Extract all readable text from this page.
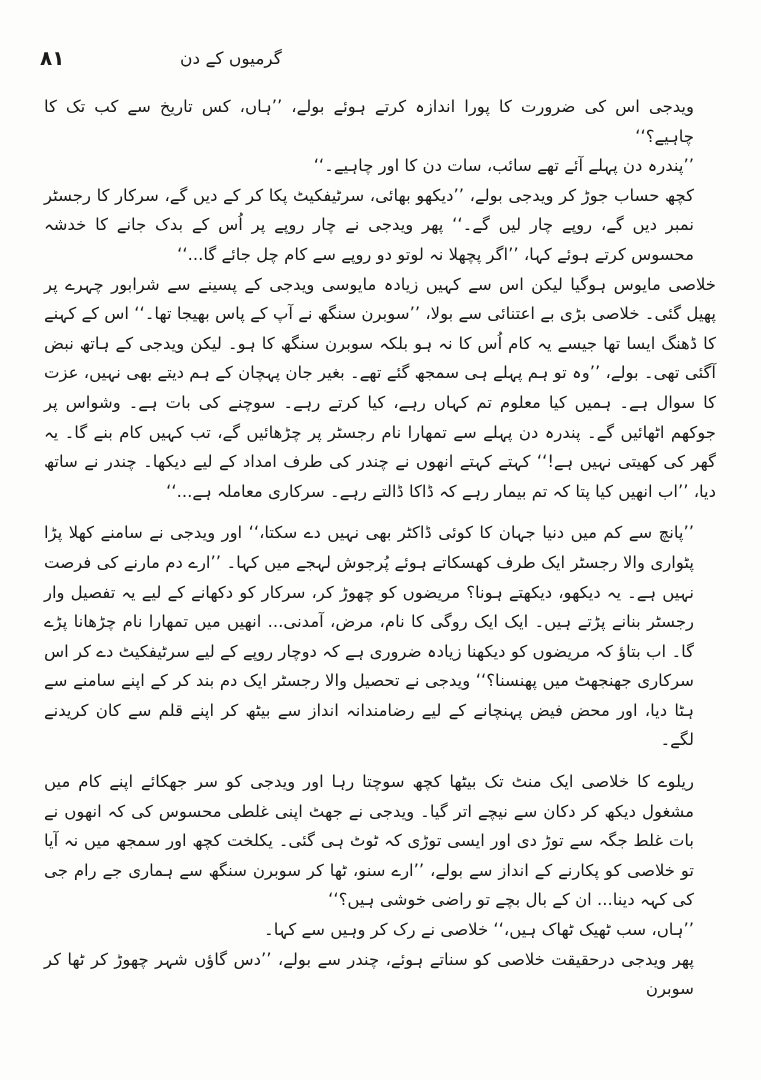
٨١	گرمیوں کے دن

ویدجی اس کی ضرورت کا پورا اندازہ کرتے ہوئے بولے، ’’ہاں، کس تاریخ سے کب تک کا چاہیے؟‘‘

’’پندرہ دن پہلے آئے تھے سائب، سات دن کا اور چاہیے۔‘‘

کچھ حساب جوڑ کر ویدجی بولے، ’’دیکھو بھائی، سرٹیفکیٹ پکا کر کے دیں گے، سرکار کا رجسٹر نمبر دیں گے، روپے چار لیں گے۔‘‘ پھر ویدجی نے چار روپے پر اُس کے بدک جانے کا خدشہ محسوس کرتے ہوئے کہا، ’’اگر پچھلا نہ لوتو دو روپے سے کام چل جائے گا...‘‘

خلاصی مایوس ہوگیا لیکن اس سے کہیں زیادہ مایوسی ویدجی کے پسینے سے شرابور چہرے پر پھیل گئی۔ خلاصی بڑی بے اعتنائی سے بولا، ’’سوبرن سنگھ نے آپ کے پاس بھیجا تھا۔‘‘ اس کے کہنے کا ڈھنگ ایسا تھا جیسے یہ کام اُس کا نہ ہو بلکہ سوبرن سنگھ کا ہو۔ لیکن ویدجی کے ہاتھ نبض آگئی تھی۔ بولے، ’’وہ تو ہم پہلے ہی سمجھ گئے تھے۔ بغیر جان پہچان کے ہم دیتے بھی نہیں، عزت کا سوال ہے۔ ہمیں کیا معلوم تم کہاں رہے، کیا کرتے رہے۔ سوچنے کی بات ہے۔ وشواس پر جوکھم اٹھائیں گے۔ پندرہ دن پہلے سے تمھارا نام رجسٹر پر چڑھائیں گے، تب کہیں کام بنے گا۔ یہ گھر کی کھیتی نہیں ہے!‘‘ کہتے کہتے انھوں نے چندر کی طرف امداد کے لیے دیکھا۔ چندر نے ساتھ دیا، ’’اب انھیں کیا پتا کہ تم بیمار رہے کہ ڈاکا ڈالتے رہے۔ سرکاری معاملہ ہے...‘‘

’’پانچ سے کم میں دنیا جہان کا کوئی ڈاکٹر بھی نہیں دے سکتا،‘‘ اور ویدجی نے سامنے کھلا پڑا پٹواری والا رجسٹر ایک طرف کھسکاتے ہوئے پُرجوش لہجے میں کہا۔ ’’ارے دم مارنے کی فرصت نہیں ہے۔ یہ دیکھو، دیکھتے ہونا؟ مریضوں کو چھوڑ کر، سرکار کو دکھانے کے لیے یہ تفصیل وار رجسٹر بنانے پڑتے ہیں۔ ایک ایک روگی کا نام، مرض، آمدنی... انھیں میں تمھارا نام چڑھانا پڑے گا۔ اب بتاؤ کہ مریضوں کو دیکھنا زیادہ ضروری ہے کہ دوچار روپے کے لیے سرٹیفکیٹ دے کر اس سرکاری جھنجھٹ میں پھنسنا؟‘‘ ویدجی نے تحصیل والا رجسٹر ایک دم بند کر کے اپنے سامنے سے ہٹا دیا، اور محض فیض پہنچانے کے لیے رضامندانہ انداز سے بیٹھ کر اپنے قلم سے کان کریدنے لگے۔

ریلوے کا خلاصی ایک منٹ تک بیٹھا کچھ سوچتا رہا اور ویدجی کو سر جھکائے اپنے کام میں مشغول دیکھ کر دکان سے نیچے اتر گیا۔ ویدجی نے جھٹ اپنی غلطی محسوس کی کہ انھوں نے بات غلط جگہ سے توڑ دی اور ایسی توڑی کہ ٹوٹ ہی گئی۔ یکلخت کچھ اور سمجھ میں نہ آیا تو خلاصی کو پکارنے کے انداز سے بولے، ’’ارے سنو، ٹھا کر سوبرن سنگھ سے ہماری جے رام جی کی کہہ دینا... ان کے بال بچے تو راضی خوشی ہیں؟‘‘

’’ہاں، سب ٹھیک ٹھاک ہیں،‘‘ خلاصی نے رک کر وہیں سے کہا۔

پھر ویدجی درحقیقت خلاصی کو سناتے ہوئے، چندر سے بولے، ’’دس گاؤں شہر چھوڑ کر ٹھا کر سوبرن
